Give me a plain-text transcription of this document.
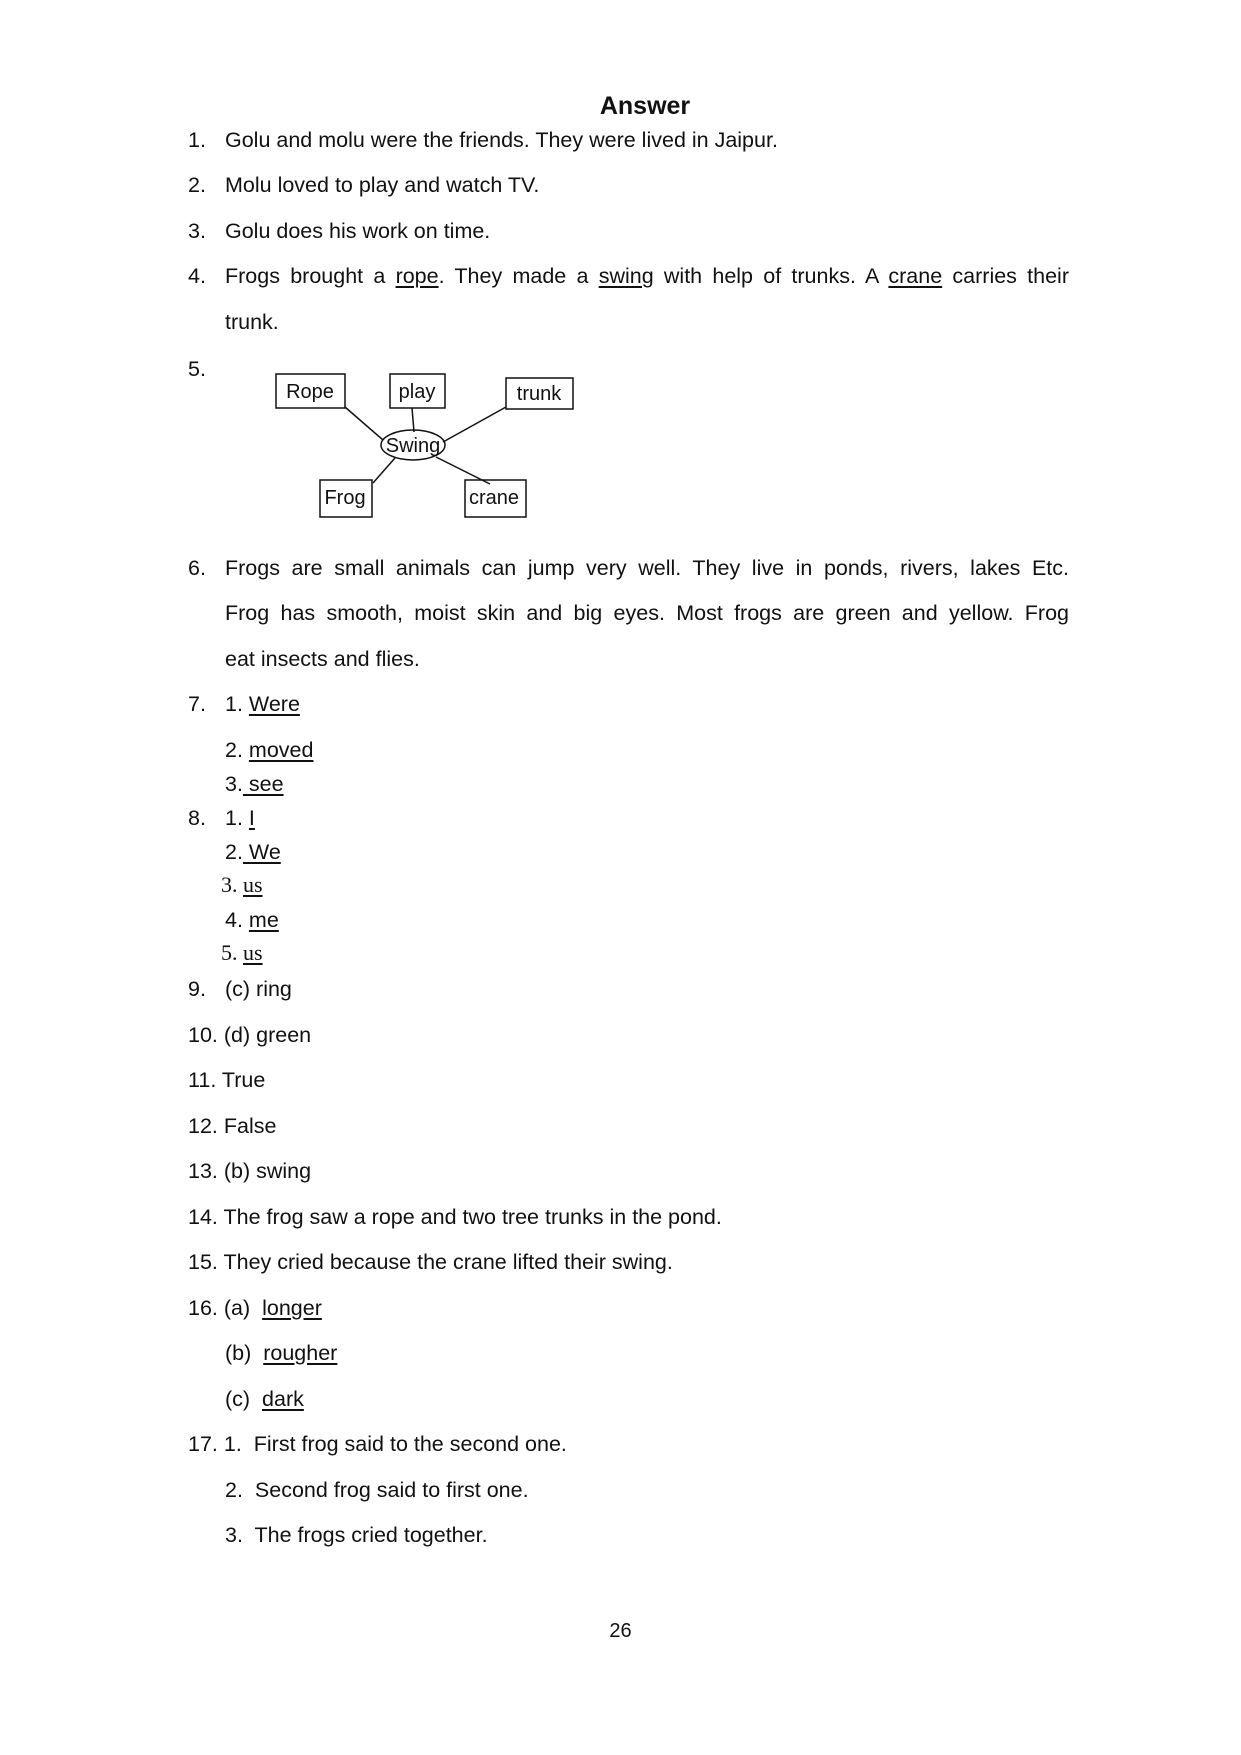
Answer
1. Golu and molu were the friends. They were lived in Jaipur.
2. Molu loved to play and watch TV.
3. Golu does his work on time.
4. Frogs brought a rope. They made a swing with help of trunks. A crane carries their
trunk.
5.
Rope	play	trunk
Frog	crane
Swing
6. Frogs are small animals can jump very well. They live in ponds, rivers, lakes Etc.
Frog has smooth, moist skin and big eyes. Most frogs are green and yellow. Frog
eat insects and flies.
7. 1. Were
2. moved
3. see
8. 1. I
2. We
3. us
4. me
5. us
9. (c) ring
10. (d) green
11. True
12. False
13. (b) swing
14. The frog saw a rope and two tree trunks in the pond.
15. They cried because the crane lifted their swing.
16. (a) longer
(b) rougher
(c) dark
17. 1. First frog said to the second one.
2. Second frog said to first one.
3. The frogs cried together.
26
